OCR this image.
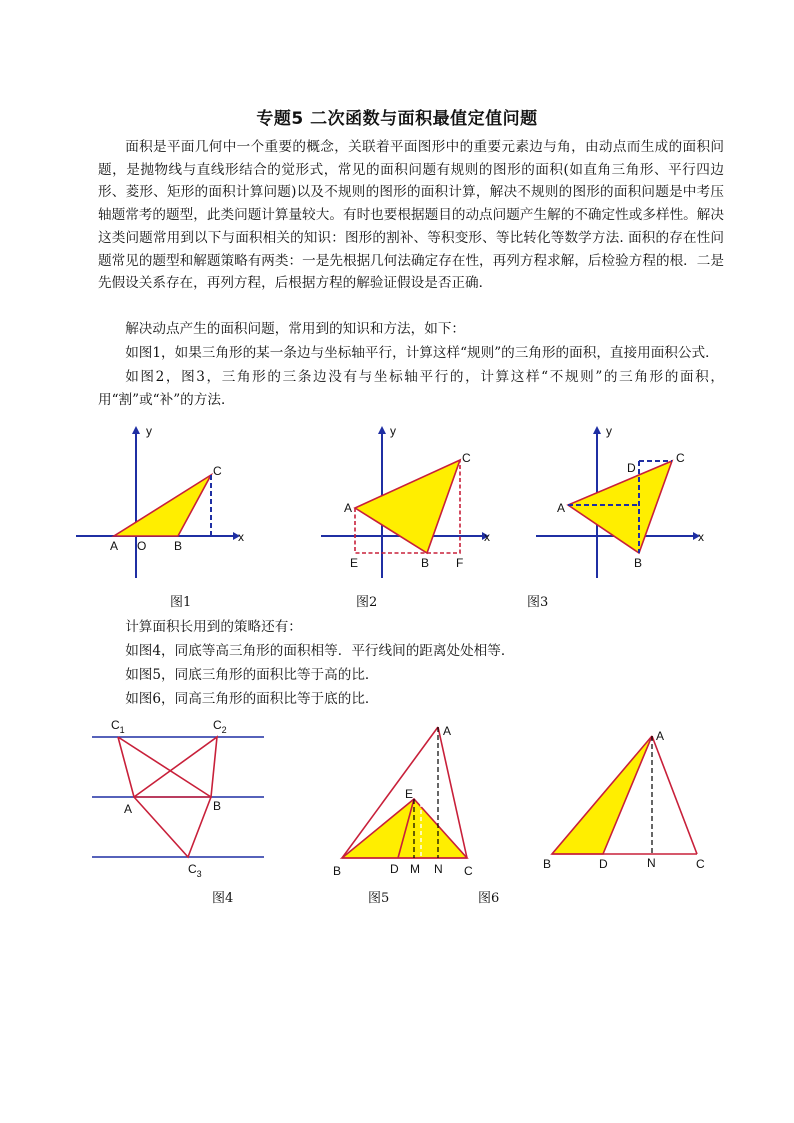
专题5 二次函数与面积最值定值问题

面积是平面几何中一个重要的概念，关联着平面图形中的重要元素边与角，由动点而生成的面积问题，是抛物线与直线形结合的觉形式，常见的面积问题有规则的图形的面积(如直角三角形、平行四边形、菱形、矩形的面积计算问题)以及不规则的图形的面积计算，解决不规则的图形的面积问题是中考压轴题常考的题型，此类问题计算量较大。有时也要根据题目的动点问题产生解的不确定性或多样性。解决这类问题常用到以下与面积相关的知识：图形的割补、等积变形、等比转化等数学方法. 面积的存在性问题常见的题型和解题策略有两类：一是先根据几何法确定存在性，再列方程求解，后检验方程的根．二是先假设关系存在，再列方程，后根据方程的解验证假设是否正确．

解决动点产生的面积问题，常用到的知识和方法，如下：

如图1，如果三角形的某一条边与坐标轴平行，计算这样“规则”的三角形的面积，直接用面积公式．

如图2，图3，三角形的三条边没有与坐标轴平行的，计算这样“不规则”的三角形的面积，用“割”或“补”的方法．

y
x
A O B
C
图1
y
x
A
C
E	B F
图2
y
x
A
D
C
B
图3

计算面积长用到的策略还有：

如图4，同底等高三角形的面积相等．平行线间的距离处处相等．

如图5，同底三角形的面积比等于高的比．

如图6，同高三角形的面积比等于底的比．

$C_1$	$C_2$
A	B
$C_3$
图4
A
E
B	D M N C
图5	图6
A
B	D	N	C
